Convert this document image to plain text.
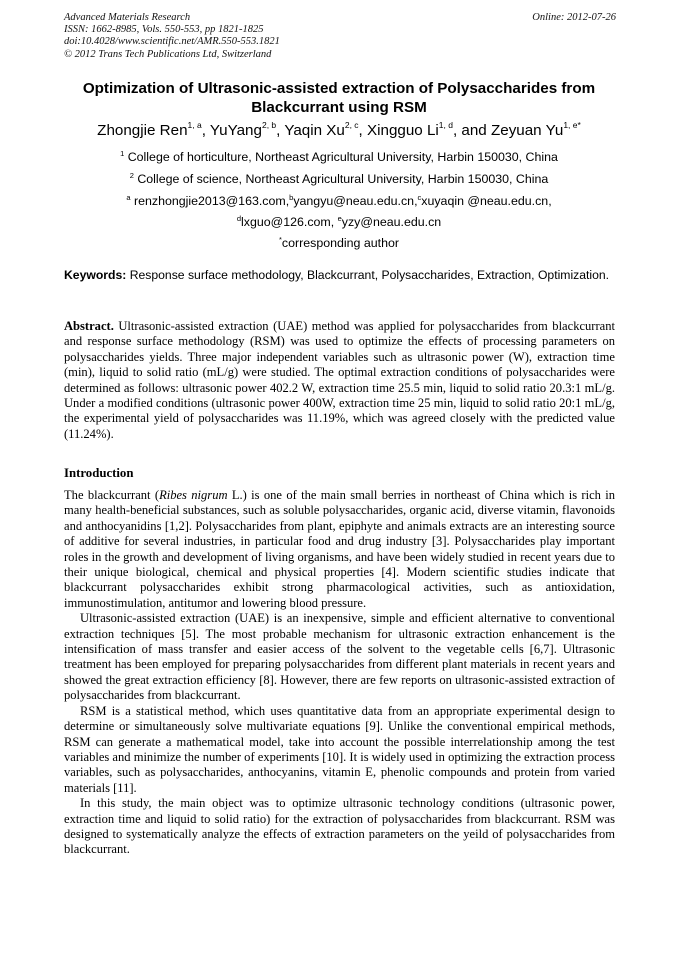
Advanced Materials Research
ISSN: 1662-8985, Vols. 550-553, pp 1821-1825
doi:10.4028/www.scientific.net/AMR.550-553.1821
© 2012 Trans Tech Publications Ltd, Switzerland
Online: 2012-07-26
Optimization of Ultrasonic-assisted extraction of Polysaccharides from
Blackcurrant using RSM
Zhongjie Ren$^{1, a}$, YuYang$^{2, b}$, Yaqin Xu$^{2, c}$, Xingguo Li$^{1, d}$, and Zeyuan $Yu^{1, e*}$
$^1$ College of horticulture, Northeast Agricultural University, Harbin 150030, China
$^2$ College of science, Northeast Agricultural University, Harbin 150030, China
$^a$ renzhongjie2013@163.com,$^b$yangyu@neau.edu.cn,$^c$xuyaqin @neau.edu.cn,
$^d$lxguo@126.com, $^e$yzy@neau.edu.cn
*corresponding author
Keywords: Response surface methodology, Blackcurrant, Polysaccharides, Extraction, Optimization.

Abstract. Ultrasonic-assisted extraction (UAE) method was applied for polysaccharides from blackcurrant and response surface methodology (RSM) was used to optimize the effects of processing parameters on polysaccharides yields. Three major independent variables such as ultrasonic power (W), extraction time (min), liquid to solid ratio (mL/g) were studied. The optimal extraction conditions of polysaccharides were determined as follows: ultrasonic power 402.2 W, extraction time 25.5 min, liquid to solid ratio 20.3:1 mL/g. Under a modified conditions (ultrasonic power 400W, extraction time 25 min, liquid to solid ratio 20:1 mL/g, the experimental yield of polysaccharides was 11.19%, which was agreed closely with the predicted value (11.24%).

Introduction

The blackcurrant (Ribes nigrum L.) is one of the main small berries in northeast of China which is rich in many health-beneficial substances, such as soluble polysaccharides, organic acid, diverse vitamin, flavonoids and anthocyanidins [1,2]. Polysaccharides from plant, epiphyte and animals extracts are an interesting source of additive for several industries, in particular food and drug industry [3]. Polysaccharides play important roles in the growth and development of living organisms, and have been widely studied in recent years due to their unique biological, chemical and physical properties [4]. Modern scientific studies indicate that blackcurrant polysaccharides exhibit strong pharmacological activities, such as antioxidation, immunostimulation, antitumor and lowering blood pressure.

Ultrasonic-assisted extraction (UAE) is an inexpensive, simple and efficient alternative to conventional extraction techniques [5]. The most probable mechanism for ultrasonic extraction enhancement is the intensification of mass transfer and easier access of the solvent to the vegetable cells [6,7]. Ultrasonic treatment has been employed for preparing polysaccharides from different plant materials in recent years and showed the great extraction efficiency [8]. However, there are few reports on ultrasonic-assisted extraction of polysaccharides from blackcurrant.

RSM is a statistical method, which uses quantitative data from an appropriate experimental design to determine or simultaneously solve multivariate equations [9]. Unlike the conventional empirical methods, RSM can generate a mathematical model, take into account the possible interrelationship among the test variables and minimize the number of experiments [10]. It is widely used in optimizing the extraction process variables, such as polysaccharides, anthocyanins, vitamin E, phenolic compounds and protein from varied materials [11].

In this study, the main object was to optimize ultrasonic technology conditions (ultrasonic power, extraction time and liquid to solid ratio) for the extraction of polysaccharides from blackcurrant. RSM was designed to systematically analyze the effects of extraction parameters on the yeild of polysaccharides from blackcurrant.
